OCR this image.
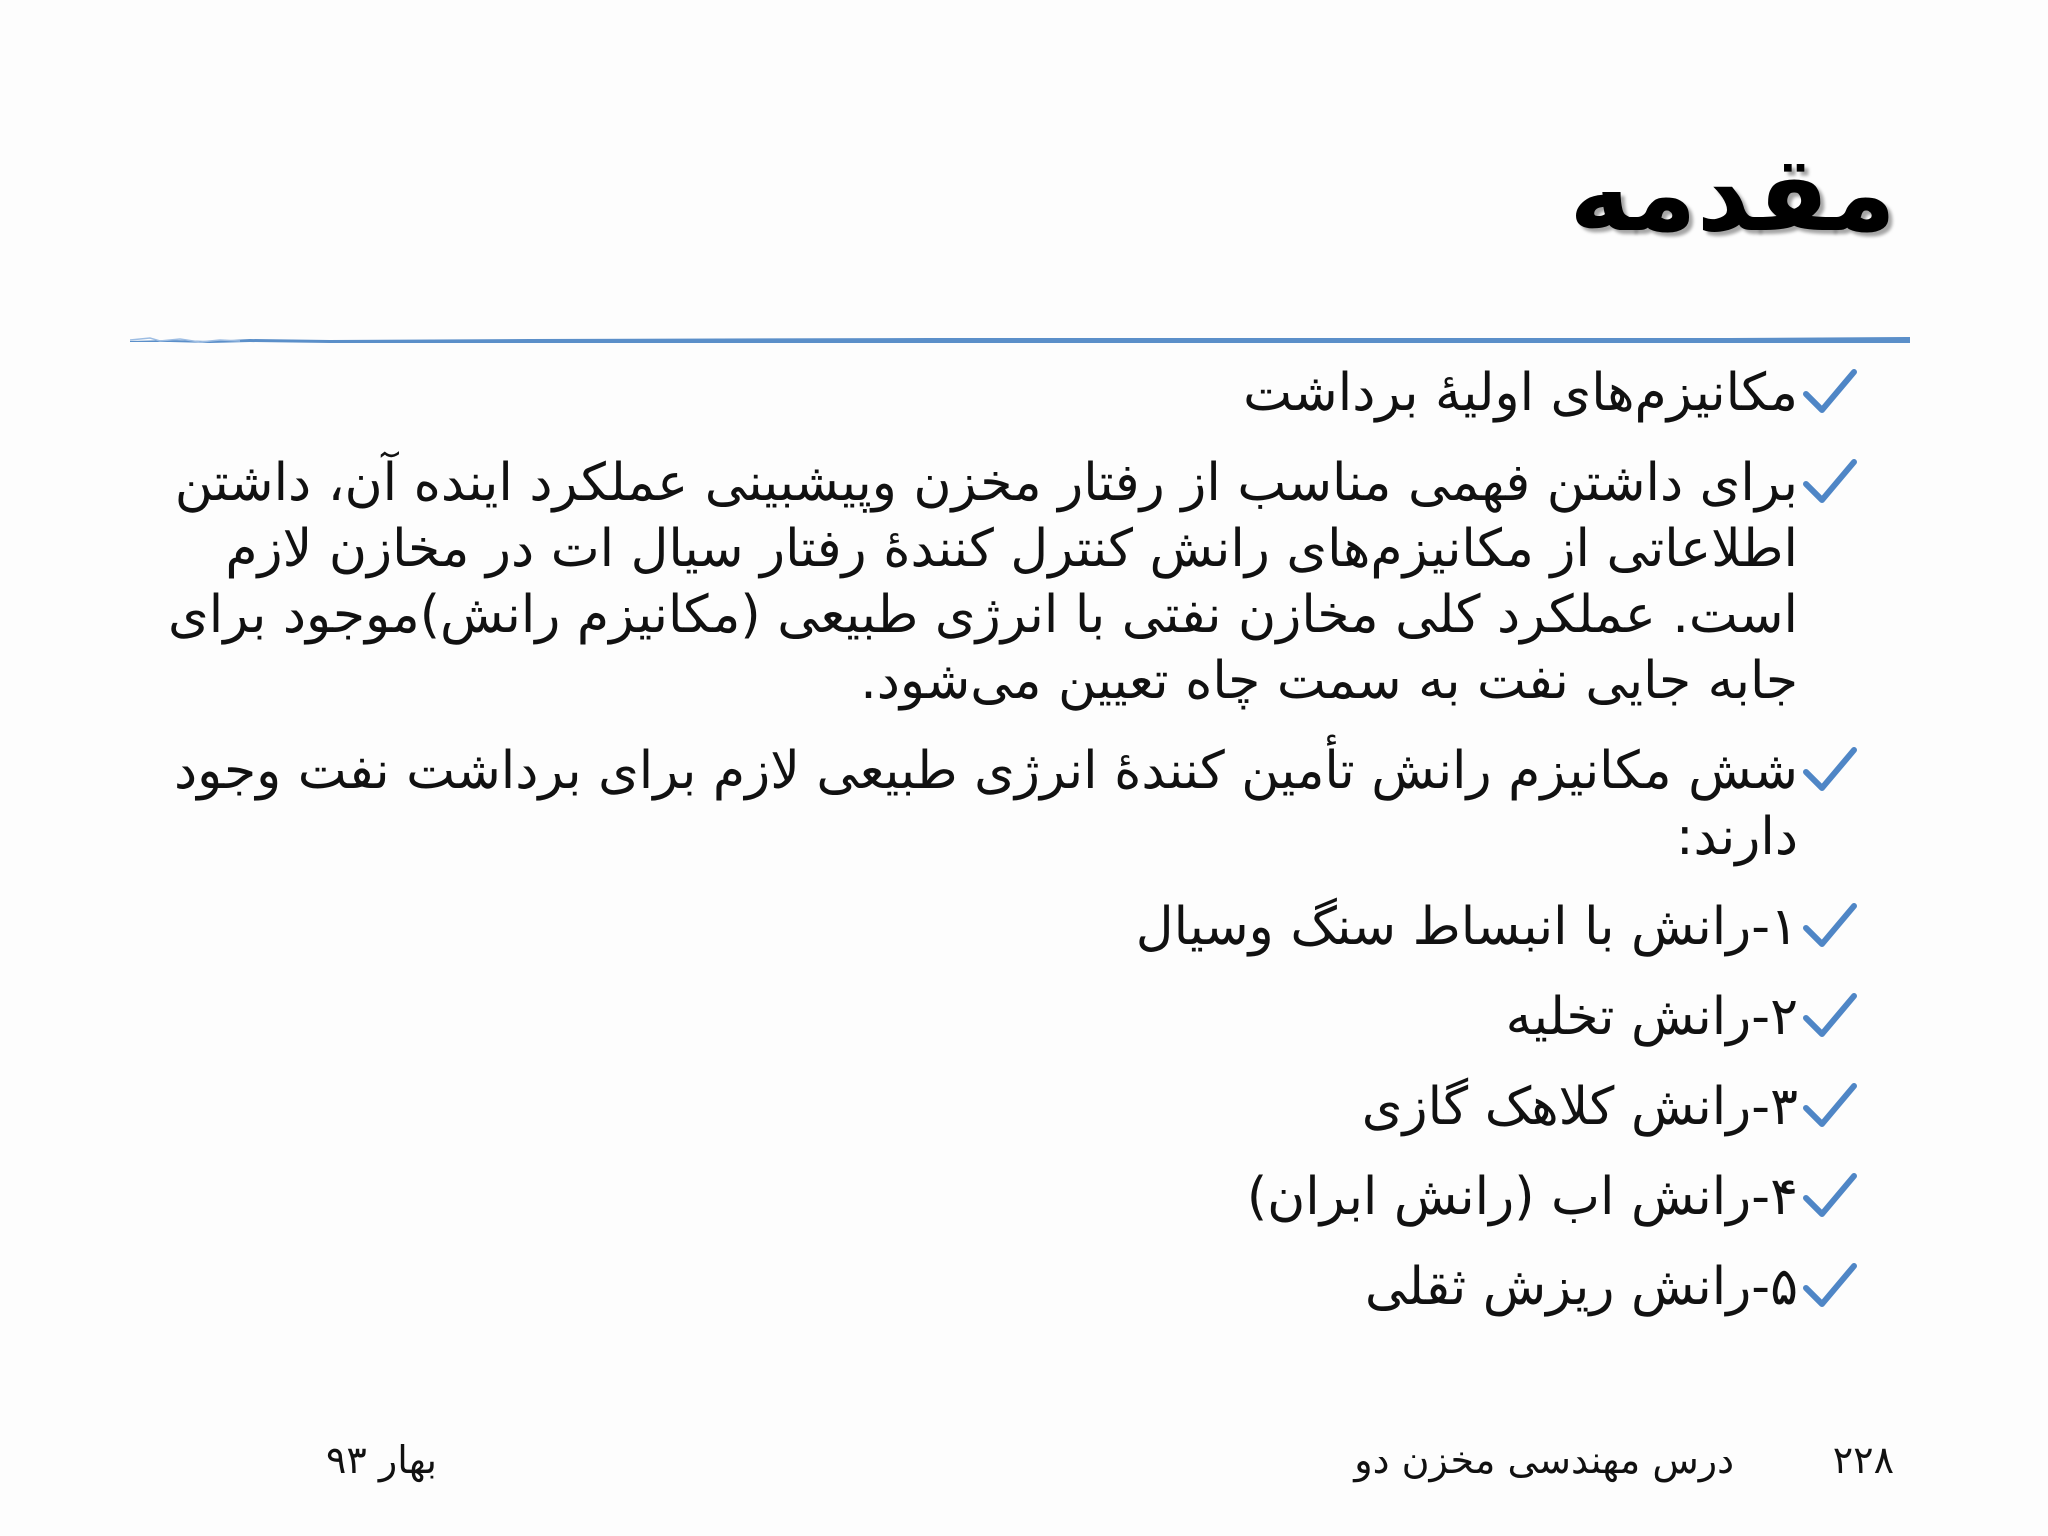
مقدمه
مکانیزم‌های اولیهٔ برداشت
برای داشتن فهمی مناسب از رفتار مخزن وپیشبینی عملکرد اینده آن، داشتن اطلاعاتی از مکانیزم‌های رانش کنترل کنندهٔ رفتار سیال ات در مخازن لازم است. عملکرد کلی مخازن نفتی با انرژی طبیعی (مکانیزم رانش)موجود برای جابه جایی نفت به سمت چاه تعیین می‌شود.
شش مکانیزم رانش تأمین کنندهٔ انرژی طبیعی لازم برای برداشت نفت وجود دارند:
۱-رانش با انبساط سنگ وسیال
۲-رانش تخلیه
۳-رانش کلاهک گازی
۴-رانش اب (رانش ابران)
۵-رانش ریزش ثقلی
۲۲۸
درس مهندسی مخزن دو
بهار ۹۳
